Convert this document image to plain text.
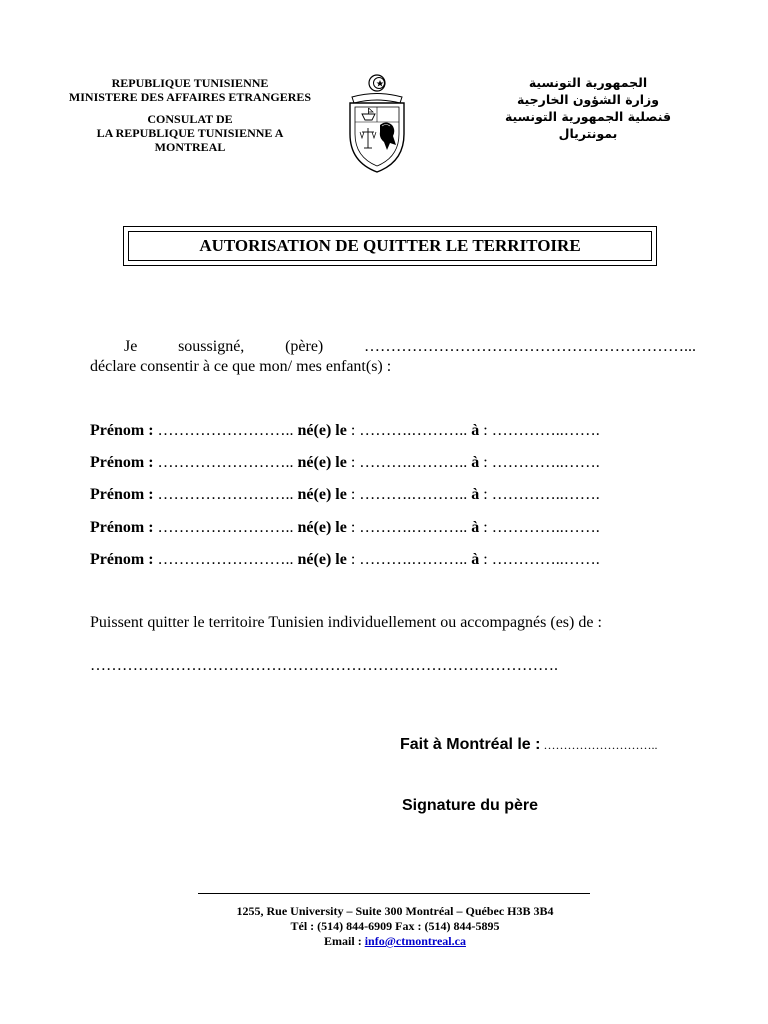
REPUBLIQUE TUNISIENNE
MINISTERE DES AFFAIRES ETRANGERES
CONSULAT DE
LA REPUBLIQUE TUNISIENNE A
MONTREAL
الجمهورية التونسية
وزارة الشؤون الخارجية
قنصلية الجمهورية التونسية
بمونتريال
AUTORISATION DE QUITTER LE TERRITOIRE
Je	soussigné,	(père)	……………………………………………………...
déclare consentir à ce que mon/ mes enfant(s) :
Prénom : …………………….. né(e) le : ……….……….. à : …………..…….
Prénom : …………………….. né(e) le : ……….……….. à : …………..…….
Prénom : …………………….. né(e) le : ……….……….. à : …………..…….
Prénom : …………………….. né(e) le : ……….……….. à : …………..…….
Prénom : …………………….. né(e) le : ……….……….. à : …………..…….
Puissent quitter le territoire Tunisien individuellement ou accompagnés (es) de :
…………………………………………………………………………….
Fait à Montréal le : ………………………..
Signature du père
1255, Rue University – Suite 300 Montréal – Québec H3B 3B4
Tél : (514) 844-6909 Fax : (514) 844-5895
Email : info@ctmontreal.ca
